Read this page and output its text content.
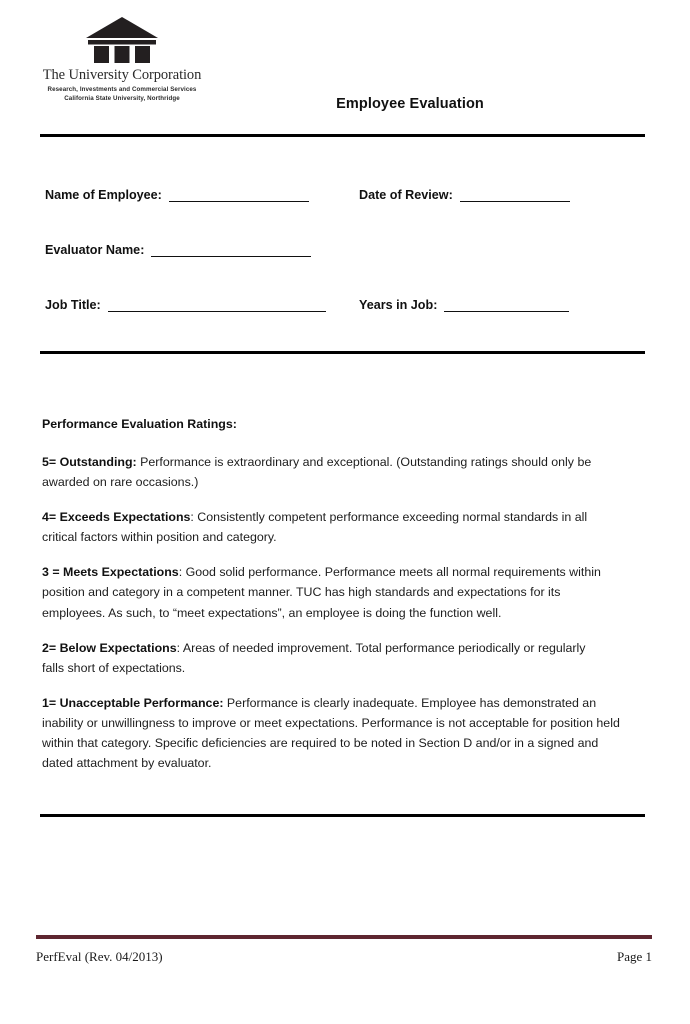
The University Corporation
Research, Investments and Commercial Services
California State University, Northridge	Employee Evaluation
Name of Employee:	Date of Review:
Evaluator Name:
Job Title:	Years in Job:
Performance Evaluation Ratings:

5= Outstanding: Performance is extraordinary and exceptional. (Outstanding ratings should only be awarded on rare occasions.)

4= Exceeds Expectations: Consistently competent performance exceeding normal standards in all critical factors within position and category.

3 = Meets Expectations: Good solid performance. Performance meets all normal requirements within position and category in a competent manner. TUC has high standards and expectations for its employees. As such, to “meet expectations”, an employee is doing the function well.

2= Below Expectations: Areas of needed improvement. Total performance periodically or regularly falls short of expectations.

1= Unacceptable Performance: Performance is clearly inadequate. Employee has demonstrated an inability or unwillingness to improve or meet expectations. Performance is not acceptable for position held within that category. Specific deficiencies are required to be noted in Section D and/or in a signed and dated attachment by evaluator.

PerfEval (Rev. 04/2013)	Page 1
